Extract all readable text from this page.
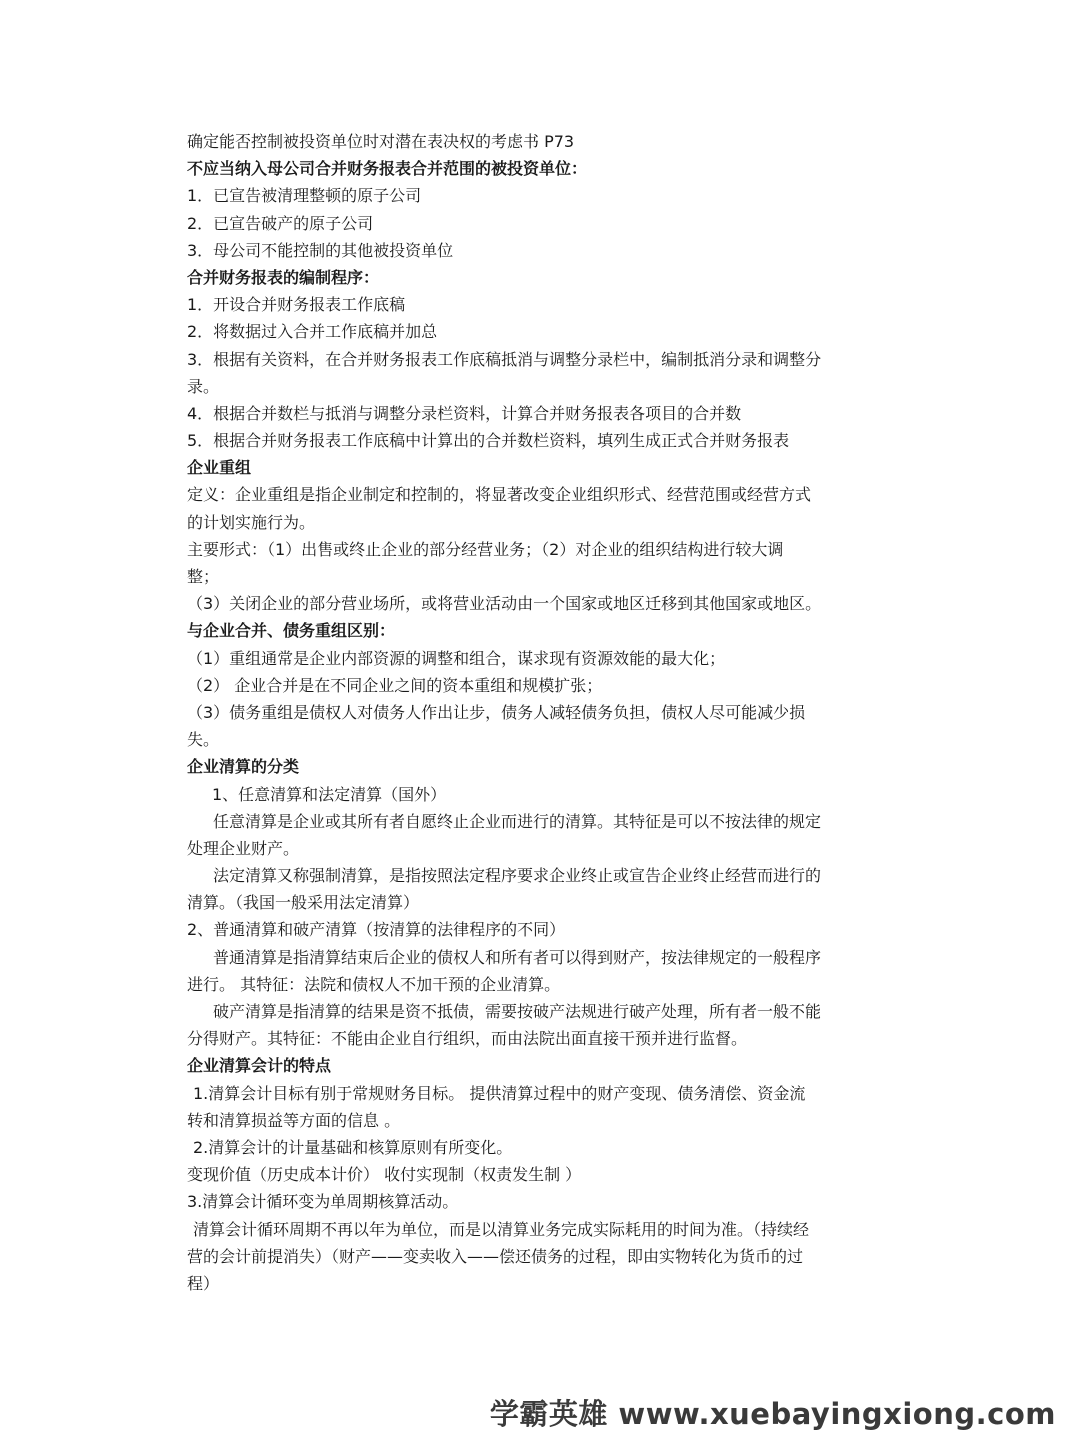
确定能否控制被投资单位时对潜在表决权的考虑书 P73
不应当纳入母公司合并财务报表合并范围的被投资单位：
1．已宣告被清理整顿的原子公司
2．已宣告破产的原子公司
3．母公司不能控制的其他被投资单位
合并财务报表的编制程序：
1．开设合并财务报表工作底稿
2．将数据过入合并工作底稿并加总
3．根据有关资料，在合并财务报表工作底稿抵消与调整分录栏中，编制抵消分录和调整分
录。
4．根据合并数栏与抵消与调整分录栏资料，计算合并财务报表各项目的合并数
5．根据合并财务报表工作底稿中计算出的合并数栏资料，填列生成正式合并财务报表
企业重组
定义：企业重组是指企业制定和控制的，将显著改变企业组织形式、经营范围或经营方式
的计划实施行为。
主要形式：（1）出售或终止企业的部分经营业务；（2）对企业的组织结构进行较大调
整；
（3）关闭企业的部分营业场所，或将营业活动由一个国家或地区迁移到其他国家或地区。
与企业合并、债务重组区别：
（1）重组通常是企业内部资源的调整和组合，谋求现有资源效能的最大化；
（2） 企业合并是在不同企业之间的资本重组和规模扩张；
（3）债务重组是债权人对债务人作出让步，债务人减轻债务负担，债权人尽可能减少损
失。
企业清算的分类
1、任意清算和法定清算（国外）
任意清算是企业或其所有者自愿终止企业而进行的清算。其特征是可以不按法律的规定
处理企业财产。
法定清算又称强制清算，是指按照法定程序要求企业终止或宣告企业终止经营而进行的
清算。（我国一般采用法定清算）
2、普通清算和破产清算（按清算的法律程序的不同）
普通清算是指清算结束后企业的债权人和所有者可以得到财产，按法律规定的一般程序
进行。 其特征：法院和债权人不加干预的企业清算。
破产清算是指清算的结果是资不抵债，需要按破产法规进行破产处理，所有者一般不能
分得财产。其特征：不能由企业自行组织，而由法院出面直接干预并进行监督。
企业清算会计的特点
1.清算会计目标有别于常规财务目标。 提供清算过程中的财产变现、债务清偿、资金流
转和清算损益等方面的信息 。
2.清算会计的计量基础和核算原则有所变化。
变现价值（历史成本计价） 收付实现制（权责发生制 ）
3.清算会计循环变为单周期核算活动。
清算会计循环周期不再以年为单位，而是以清算业务完成实际耗用的时间为准。（持续经
营的会计前提消失）（财产——变卖收入——偿还债务的过程，即由实物转化为货币的过
程）
学霸英雄 www.xuebayingxiong.com
